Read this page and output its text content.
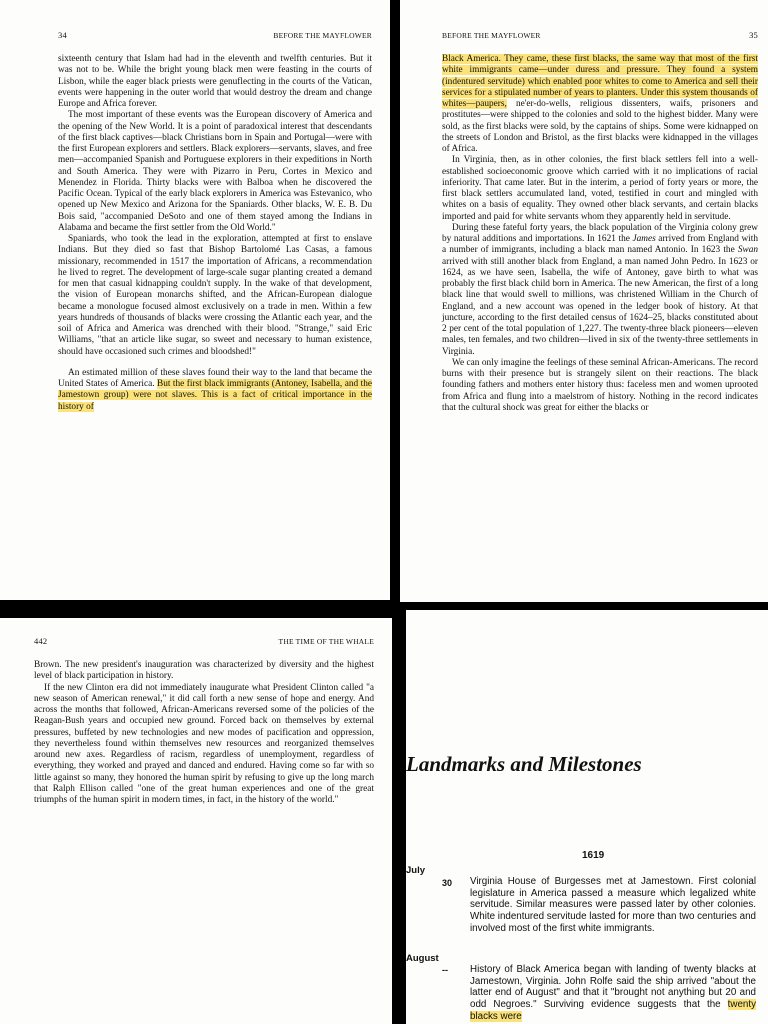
34	BEFORE THE MAYFLOWER

sixteenth century that Islam had had in the eleventh and twelfth centuries. But it was not to be. While the bright young black men were feasting in the courts of Lisbon, while the eager black priests were genuflecting in the courts of the Vatican, events were happening in the outer world that would destroy the dream and change Europe and Africa forever.

The most important of these events was the European discovery of America and the opening of the New World. It is a point of paradoxical interest that descendants of the first black captives—black Christians born in Spain and Portugal—were with the first European explorers and settlers. Black explorers—servants, slaves, and free men—accompanied Spanish and Portuguese explorers in their expeditions in North and South America. They were with Pizarro in Peru, Cortes in Mexico and Menendez in Florida. Thirty blacks were with Balboa when he discovered the Pacific Ocean. Typical of the early black explorers in America was Estevanico, who opened up New Mexico and Arizona for the Spaniards. Other blacks, W. E. B. Du Bois said, "accompanied DeSoto and one of them stayed among the Indians in Alabama and became the first settler from the Old World."

Spaniards, who took the lead in the exploration, attempted at first to enslave Indians. But they died so fast that Bishop Bartolomé Las Casas, a famous missionary, recommended in 1517 the importation of Africans, a recommendation he lived to regret. The development of large-scale sugar planting created a demand for men that casual kidnapping couldn't supply. In the wake of that development, the vision of European monarchs shifted, and the African-European dialogue became a monologue focused almost exclusively on a trade in men. Within a few years hundreds of thousands of blacks were crossing the Atlantic each year, and the soil of Africa and America was drenched with their blood. "Strange," said Eric Williams, "that an article like sugar, so sweet and necessary to human existence, should have occasioned such crimes and bloodshed!"

An estimated million of these slaves found their way to the land that became the United States of America. But the first black immigrants (Antoney, Isabella, and the Jamestown group) were not slaves. This is a fact of critical importance in the history of

BEFORE THE MAYFLOWER	35

Black America. They came, these first blacks, the same way that most of the first white immigrants came—under duress and pressure. They found a system (indentured servitude) which enabled poor whites to come to America and sell their services for a stipulated number of years to planters. Under this system thousands of whites—paupers, ne'er-do-wells, religious dissenters, waifs, prisoners and prostitutes—were shipped to the colonies and sold to the highest bidder. Many were sold, as the first blacks were sold, by the captains of ships. Some were kidnapped on the streets of London and Bristol, as the first blacks were kidnapped in the villages of Africa.

In Virginia, then, as in other colonies, the first black settlers fell into a well-established socioeconomic groove which carried with it no implications of racial inferiority. That came later. But in the interim, a period of forty years or more, the first black settlers accumulated land, voted, testified in court and mingled with whites on a basis of equality. They owned other black servants, and certain blacks imported and paid for white servants whom they apparently held in servitude.

During these fateful forty years, the black population of the Virginia colony grew by natural additions and importations. In 1621 the James arrived from England with a number of immigrants, including a black man named Antonio. In 1623 the Swan arrived with still another black from England, a man named John Pedro. In 1623 or 1624, as we have seen, Isabella, the wife of Antoney, gave birth to what was probably the first black child born in America. The new American, the first of a long black line that would swell to millions, was christened William in the Church of England, and a new account was opened in the ledger book of history. At that juncture, according to the first detailed census of 1624–25, blacks constituted about 2 per cent of the total population of 1,227. The twenty-three black pioneers—eleven males, ten females, and two children—lived in six of the twenty-three settlements in Virginia.

We can only imagine the feelings of these seminal African-Americans. The record burns with their presence but is strangely silent on their reactions. The black founding fathers and mothers enter history thus: faceless men and women uprooted from Africa and flung into a maelstrom of history. Nothing in the record indicates that the cultural shock was great for either the blacks or

442	THE TIME OF THE WHALE

Brown. The new president's inauguration was characterized by diversity and the highest level of black participation in history.

If the new Clinton era did not immediately inaugurate what President Clinton called "a new season of American renewal," it did call forth a new sense of hope and energy. And across the months that followed, African-Americans reversed some of the policies of the Reagan-Bush years and occupied new ground. Forced back on themselves by external pressures, buffeted by new technologies and new modes of pacification and oppression, they nevertheless found within themselves new resources and reorganized themselves around new axes. Regardless of racism, regardless of unemployment, regardless of everything, they worked and prayed and danced and endured. Having come so far with so little against so many, they honored the human spirit by refusing to give up the long march that Ralph Ellison called "one of the great human experiences and one of the great triumphs of the human spirit in modern times, in fact, in the history of the world."

Landmarks and Milestones
1619
July
30 Virginia House of Burgesses met at Jamestown. First colonial legislature in America passed a measure which legalized white servitude. Similar measures were passed later by other colonies. White indentured servitude lasted for more than two centuries and involved most of the first white immigrants.
August
-- History of Black America began with landing of twenty blacks at Jamestown, Virginia. John Rolfe said the ship arrived "about the latter end of August" and that it "brought not anything but 20 and odd Negroes." Surviving evidence suggests that the twenty blacks were
